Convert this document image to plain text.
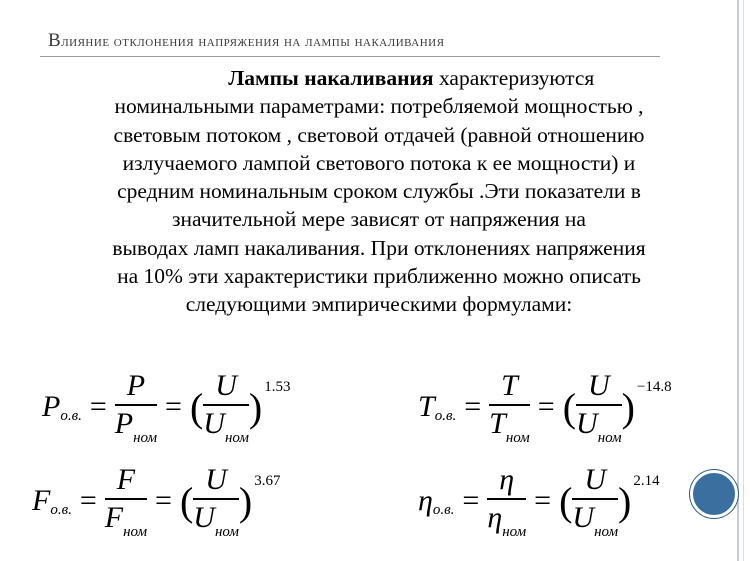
Влияние отклонения напряжения на лампы накаливания
   Лампы накаливания характеризуются
номинальными параметрами: потребляемой мощностью ,
световым потоком , световой отдачей (равной отношению
излучаемого лампой светового потока к ее мощности) и
средним номинальным сроком службы .Эти показатели в
значительной мере зависят от напряжения на
выводах ламп накаливания. При отклонениях напряжения
на 10% эти характеристики приближенно можно описать
следующими эмпирическими формулами:
P о.в. = $\frac{P}{\text{P ном}}$ = ( $\frac{U}{\text{U ном}}$ ) 1.53
T о.в. = $\frac{T}{\text{T ном}}$ = ( $\frac{U}{\text{U ном}}$ ) −14.8
F о.в. = $\frac{F}{\text{F ном}}$ = ( $\frac{U}{\text{U ном}}$ ) 3.67
η о.в. = $\frac{\eta}{\text{η ном}}$ = ( $\frac{U}{\text{U ном}}$ ) 2.14
